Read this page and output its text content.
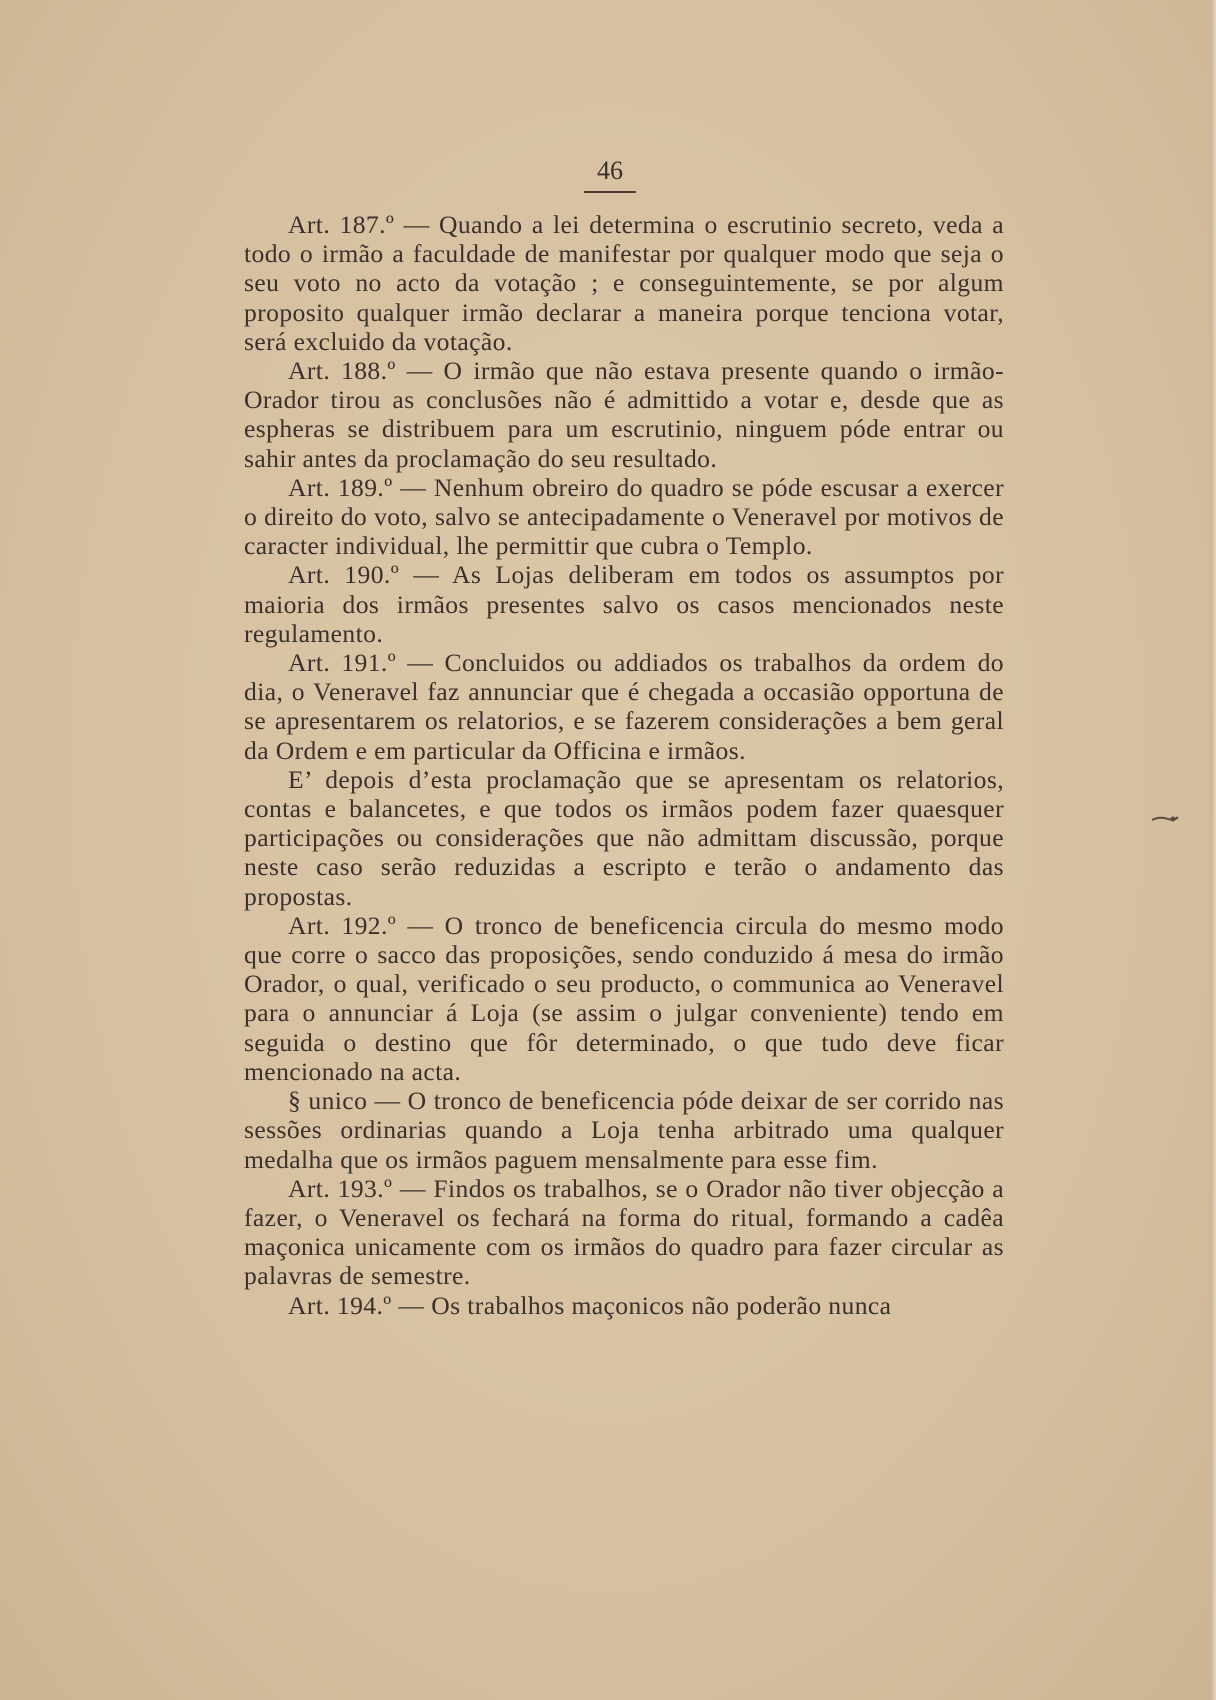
46

Art. 187.º — Quando a lei determina o escrutinio secreto, veda a todo o irmão a faculdade de manifestar por qualquer modo que seja o seu voto no acto da votação ; e conseguintemente, se por algum proposito qualquer irmão declarar a maneira porque tenciona votar, será excluido da votação.

Art. 188.º — O irmão que não estava presente quando o irmão-Orador tirou as conclusões não é admittido a votar e, desde que as espheras se distribuem para um escrutinio, ninguem póde entrar ou sahir antes da proclamação do seu resultado.

Art. 189.º — Nenhum obreiro do quadro se póde escusar a exercer o direito do voto, salvo se antecipadamente o Veneravel por motivos de caracter individual, lhe permittir que cubra o Templo.

Art. 190.º — As Lojas deliberam em todos os assumptos por maioria dos irmãos presentes salvo os casos mencionados neste regulamento.

Art. 191.º — Concluidos ou addiados os trabalhos da ordem do dia, o Veneravel faz annunciar que é chegada a occasião opportuna de se apresentarem os relatorios, e se fazerem considerações a bem geral da Ordem e em particular da Officina e irmãos.

E’ depois d’esta proclamação que se apresentam os relatorios, contas e balancetes, e que todos os irmãos podem fazer quaesquer participações ou considerações que não admittam discussão, porque neste caso serão reduzidas a escripto e terão o andamento das propostas.

Art. 192.º — O tronco de beneficencia circula do mesmo modo que corre o sacco das proposições, sendo conduzido á mesa do irmão Orador, o qual, verificado o seu producto, o communica ao Veneravel para o annunciar á Loja (se assim o julgar conveniente) tendo em seguida o destino que fôr determinado, o que tudo deve ficar mencionado na acta.

§ unico — O tronco de beneficencia póde deixar de ser corrido nas sessões ordinarias quando a Loja tenha arbitrado uma qualquer medalha que os irmãos paguem mensalmente para esse fim.

Art. 193.º — Findos os trabalhos, se o Orador não tiver objecção a fazer, o Veneravel os fechará na forma do ritual, formando a cadêa maçonica unicamente com os irmãos do quadro para fazer circular as palavras de semestre.

Art. 194.º — Os trabalhos maçonicos não poderão nunca
